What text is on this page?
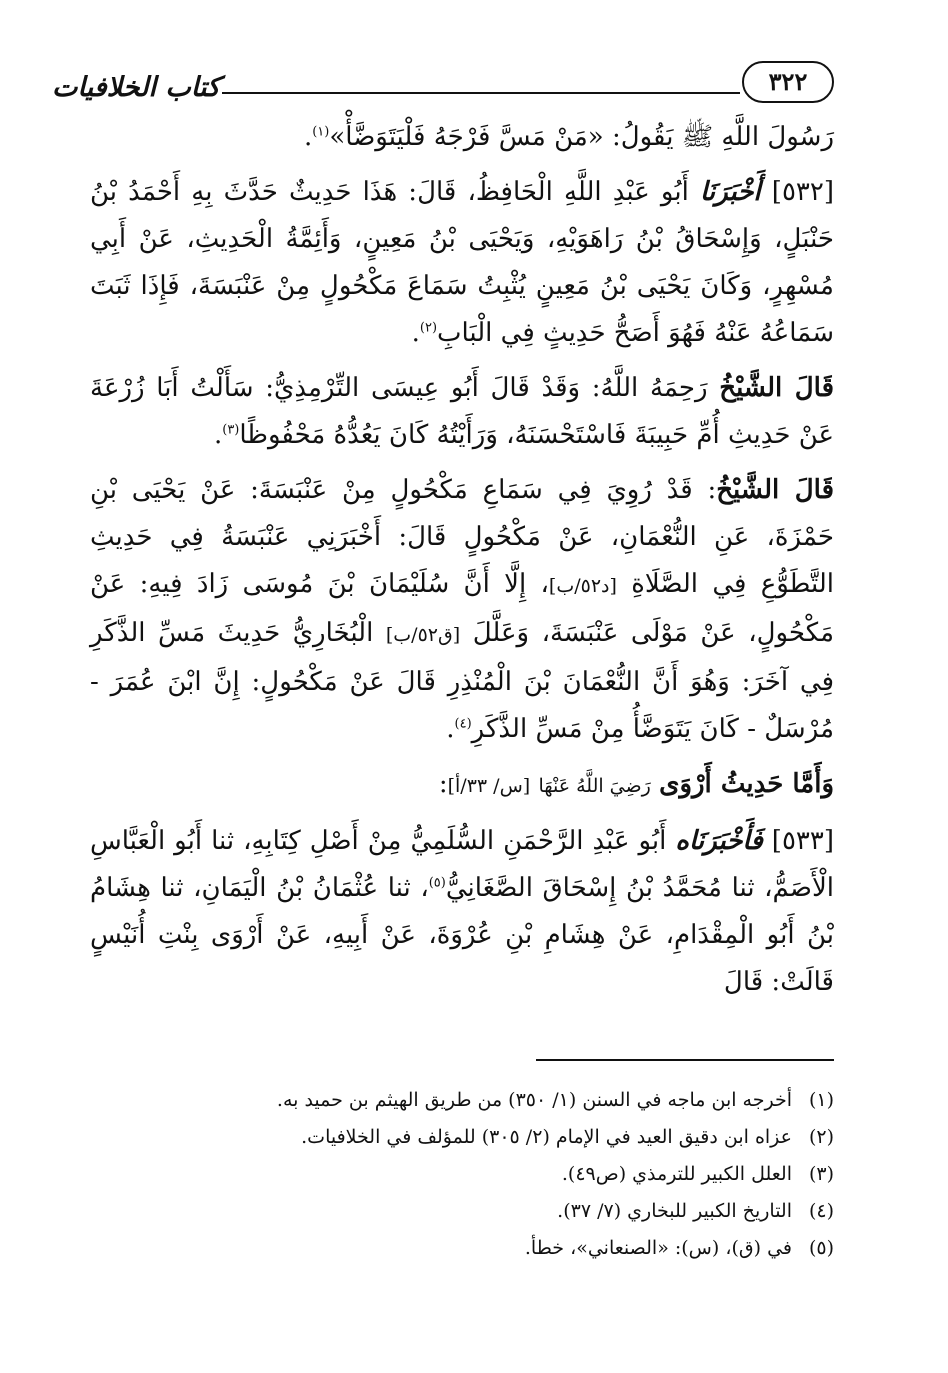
٣٢٢
كتاب الخلافيات

رَسُولَ اللَّهِ ﷺ يَقُولُ: «مَنْ مَسَّ فَرْجَهُ فَلْيَتَوَضَّأْ»$^{(١)}$.

[٥٣٢] أَخْبَرَنَا أَبُو عَبْدِ اللَّهِ الْحَافِظُ، قَالَ: هَذَا حَدِيثٌ حَدَّثَ بِهِ أَحْمَدُ بْنُ حَنْبَلٍ، وَإِسْحَاقُ بْنُ رَاهَوَيْهِ، وَيَحْيَى بْنُ مَعِينٍ، وَأَئِمَّةُ الْحَدِيثِ، عَنْ أَبِي مُسْهِرٍ، وَكَانَ يَحْيَى بْنُ مَعِينٍ يُثْبِتُ سَمَاعَ مَكْحُولٍ مِنْ عَنْبَسَةَ، فَإِذَا ثَبَتَ سَمَاعُهُ عَنْهُ فَهُوَ أَصَحُّ حَدِيثٍ فِي الْبَابِ$^{(٢)}$.

قَالَ الشَّيْخُ رَحِمَهُ اللَّهُ: وَقَدْ قَالَ أَبُو عِيسَى التِّرْمِذِيُّ: سَأَلْتُ أَبَا زُرْعَةَ عَنْ حَدِيثِ أُمِّ حَبِيبَةَ فَاسْتَحْسَنَهُ، وَرَأَيْتُهُ كَانَ يَعُدُّهُ مَحْفُوظًا$^{(٣)}$.

قَالَ الشَّيْخُ: قَدْ رُوِيَ فِي سَمَاعِ مَكْحُولٍ مِنْ عَنْبَسَةَ: عَنْ يَحْيَى بْنِ حَمْزَةَ، عَنِ النُّعْمَانِ، عَنْ مَكْحُولٍ قَالَ: أَخْبَرَنِي عَنْبَسَةُ فِي حَدِيثِ التَّطَوُّعِ فِي الصَّلَاةِ [د٥٢/ب]، إِلَّا أَنَّ سُلَيْمَانَ بْنَ مُوسَى زَادَ فِيهِ: عَنْ مَكْحُولٍ، عَنْ مَوْلَى عَنْبَسَةَ، وَعَلَّلَ [ق٥٢/ب] الْبُخَارِيُّ حَدِيثَ مَسِّ الذَّكَرِ فِي آخَرَ: وَهُوَ أَنَّ النُّعْمَانَ بْنَ الْمُنْذِرِ قَالَ عَنْ مَكْحُولٍ: إِنَّ ابْنَ عُمَرَ - مُرْسَلٌ - كَانَ يَتَوَضَّأُ مِنْ مَسِّ الذَّكَرِ$^{(٤)}$.

وَأَمَّا حَدِيثُ أَرْوَى رَضِيَ اللَّهُ عَنْهَا [س/ ٣٣/أ]:

[٥٣٣] فَأَخْبَرَنَاه أَبُو عَبْدِ الرَّحْمَنِ السُّلَمِيُّ مِنْ أَصْلِ كِتَابِهِ، ثنا أَبُو الْعَبَّاسِ الْأَصَمُّ، ثنا مُحَمَّدُ بْنُ إِسْحَاقَ الصَّغَانِيُّ$^{(٥)}$، ثنا عُثْمَانُ بْنُ الْيَمَانِ، ثنا هِشَامُ بْنُ أَبُو الْمِقْدَامِ، عَنْ هِشَامِ بْنِ عُرْوَةَ، عَنْ أَبِيهِ، عَنْ أَرْوَى بِنْتِ أُنَيْسٍ قَالَتْ: قَالَ

(١)أخرجه ابن ماجه في السنن (١/ ٣٥٠) من طريق الهيثم بن حميد به.
(٢)عزاه ابن دقيق العيد في الإمام (٢/ ٣٠٥) للمؤلف في الخلافيات.
(٣)العلل الكبير للترمذي (ص٤٩).
(٤)التاريخ الكبير للبخاري (٧/ ٣٧).
(٥)في (ق)، (س): «الصنعاني»، خطأ.
